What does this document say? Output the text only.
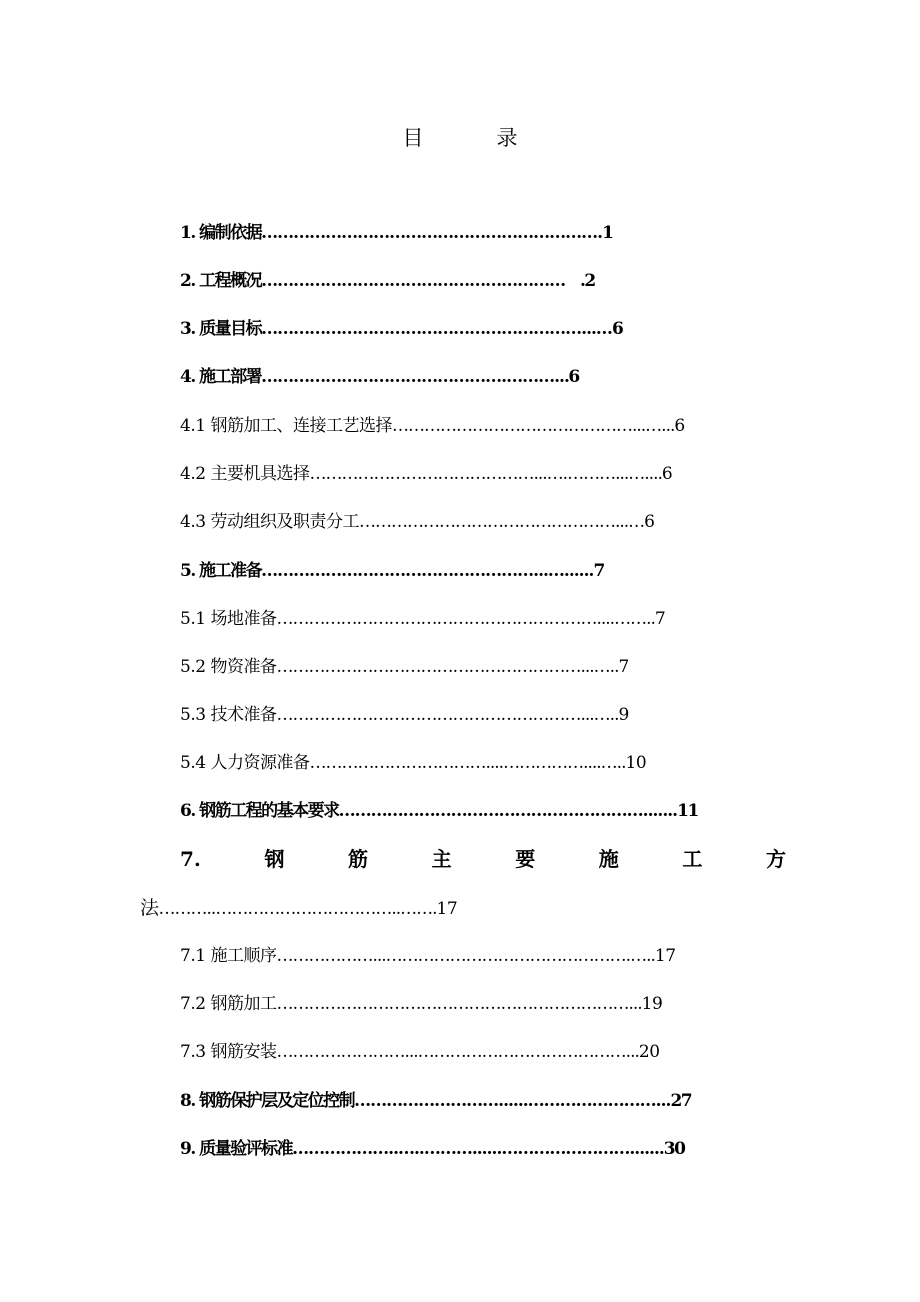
目　录
1. 编制依据……………………………………………………….1
2. 工程概况…………………………………………………   .2
3. 质量目标……………………………………………………...…6
4. 施工部署……………………………………….………...6
4.1 钢筋加工、连接工艺选择………………………………………...…...6
4.2 主要机具选择……………………………………...….………...…....6
4.3 劳动组织及职责分工…………………………………………...…6
5. 施工准备……………………………………………...…......7
5.1 场地准备……………………………………………………....……..7
5.2 物资准备…………………………………………………...…..7
5.3 技术准备…………………………………………………...…..9
5.4 人力资源准备……………………………....……………....…..10
6. 钢筋工程的基本要求………………………………………………….......11
7.	钢	筋	主	要	施	工	方
法………..……………………………..…….17
7.1 施工顺序………………...……………………………………….…..17
7.2 钢筋加工…………………………………………………………...19
7.3 钢筋安装……………………...…………………………………...20
8. 钢筋保护层及定位控制………………………......……………………...27
9. 质量验评标准………………..…..………......…………………….......30
